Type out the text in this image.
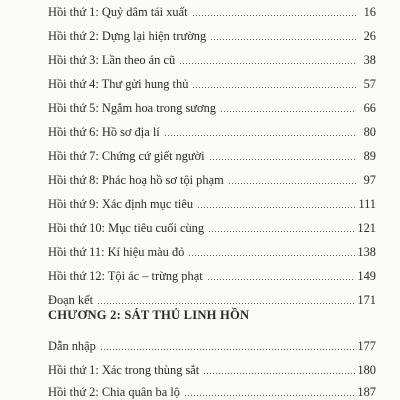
Hồi thứ 1: Quỷ dâm tái xuất	16
Hồi thứ 2: Dựng lại hiện trường	26
Hồi thứ 3: Lần theo án cũ	38
Hồi thứ 4: Thư gửi hung thủ	57
Hồi thứ 5: Ngắm hoa trong sương	66
Hồi thứ 6: Hồ sơ địa lí	80
Hồi thứ 7: Chứng cứ giết người	89
Hồi thứ 8: Phác hoạ hồ sơ tội phạm	97
Hồi thứ 9: Xác định mục tiêu	111
Hồi thứ 10: Mục tiêu cuối cùng	121
Hồi thứ 11: Kí hiệu màu đỏ	138
Hồi thứ 12: Tội ác – trừng phạt	149
Đoạn kết	171
CHƯƠNG 2: SÁT THỦ LINH HỒN
Dẫn nhập	177
Hồi thứ 1: Xác trong thùng sắt	180
Hồi thứ 2: Chia quân ba lộ	187
